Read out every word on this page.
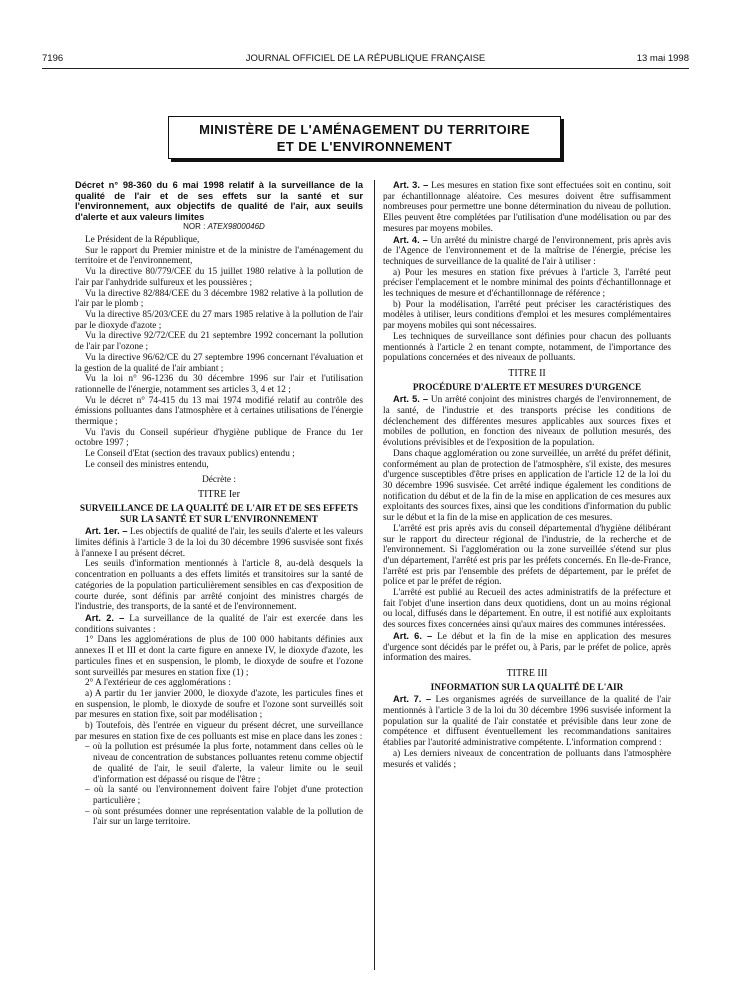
7196	JOURNAL OFFICIEL DE LA RÉPUBLIQUE FRANÇAISE	13 mai 1998
MINISTÈRE DE L'AMÉNAGEMENT DU TERRITOIRE
ET DE L'ENVIRONNEMENT

Décret n° 98-360 du 6 mai 1998 relatif à la surveillance de la qualité de l'air et de ses effets sur la santé et sur l'environnement, aux objectifs de qualité de l'air, aux seuils d'alerte et aux valeurs limites

NOR : ATEX9800046D

Le Président de la République,

Sur le rapport du Premier ministre et de la ministre de l'aménagement du territoire et de l'environnement,

Vu la directive 80/779/CEE du 15 juillet 1980 relative à la pollution de l'air par l'anhydride sulfureux et les poussières ;

Vu la directive 82/884/CEE du 3 décembre 1982 relative à la pollution de l'air par le plomb ;

Vu la directive 85/203/CEE du 27 mars 1985 relative à la pollution de l'air par le dioxyde d'azote ;

Vu la directive 92/72/CEE du 21 septembre 1992 concernant la pollution de l'air par l'ozone ;

Vu la directive 96/62/CE du 27 septembre 1996 concernant l'évaluation et la gestion de la qualité de l'air ambiant ;

Vu la loi n° 96-1236 du 30 décembre 1996 sur l'air et l'utilisation rationnelle de l'énergie, notamment ses articles 3, 4 et 12 ;

Vu le décret n° 74-415 du 13 mai 1974 modifié relatif au contrôle des émissions polluantes dans l'atmosphère et à certaines utilisations de l'énergie thermique ;

Vu l'avis du Conseil supérieur d'hygiène publique de France du 1er octobre 1997 ;

Le Conseil d'Etat (section des travaux publics) entendu ;

Le conseil des ministres entendu,

Décrète :

TITRE Ier

SURVEILLANCE DE LA QUALITÉ DE L'AIR ET DE SES EFFETS SUR LA SANTÉ ET SUR L'ENVIRONNEMENT

Art. 1er. – Les objectifs de qualité de l'air, les seuils d'alerte et les valeurs limites définis à l'article 3 de la loi du 30 décembre 1996 susvisée sont fixés à l'annexe I au présent décret.

Les seuils d'information mentionnés à l'article 8, au-delà desquels la concentration en polluants a des effets limités et transitoires sur la santé de catégories de la population particulièrement sensibles en cas d'exposition de courte durée, sont définis par arrêté conjoint des ministres chargés de l'industrie, des transports, de la santé et de l'environnement.

Art. 2. – La surveillance de la qualité de l'air est exercée dans les conditions suivantes :

1° Dans les agglomérations de plus de 100 000 habitants définies aux annexes II et III et dont la carte figure en annexe IV, le dioxyde d'azote, les particules fines et en suspension, le plomb, le dioxyde de soufre et l'ozone sont surveillés par mesures en station fixe (1) ;

2° A l'extérieur de ces agglomérations :

a) A partir du 1er janvier 2000, le dioxyde d'azote, les particules fines et en suspension, le plomb, le dioxyde de soufre et l'ozone sont surveillés soit par mesures en station fixe, soit par modélisation ;

b) Toutefois, dès l'entrée en vigueur du présent décret, une surveillance par mesures en station fixe de ces polluants est mise en place dans les zones :

– où la pollution est présumée la plus forte, notamment dans celles où le niveau de concentration de substances polluantes retenu comme objectif de qualité de l'air, le seuil d'alerte, la valeur limite ou le seuil d'information est dépassé ou risque de l'être ;

– où la santé ou l'environnement doivent faire l'objet d'une protection particulière ;

– où sont présumées donner une représentation valable de la pollution de l'air sur un large territoire.

Art. 3. – Les mesures en station fixe sont effectuées soit en continu, soit par échantillonnage aléatoire. Ces mesures doivent être suffisamment nombreuses pour permettre une bonne détermination du niveau de pollution. Elles peuvent être complétées par l'utilisation d'une modélisation ou par des mesures par moyens mobiles.

Art. 4. – Un arrêté du ministre chargé de l'environnement, pris après avis de l'Agence de l'environnement et de la maîtrise de l'énergie, précise les techniques de surveillance de la qualité de l'air à utiliser :

a) Pour les mesures en station fixe prévues à l'article 3, l'arrêté peut préciser l'emplacement et le nombre minimal des points d'échantillonnage et les techniques de mesure et d'échantillonnage de référence ;

b) Pour la modélisation, l'arrêté peut préciser les caractéristiques des modèles à utiliser, leurs conditions d'emploi et les mesures complémentaires par moyens mobiles qui sont nécessaires.

Les techniques de surveillance sont définies pour chacun des polluants mentionnés à l'article 2 en tenant compte, notamment, de l'importance des populations concernées et des niveaux de polluants.

TITRE II

PROCÉDURE D'ALERTE ET MESURES D'URGENCE

Art. 5. – Un arrêté conjoint des ministres chargés de l'environnement, de la santé, de l'industrie et des transports précise les conditions de déclenchement des différentes mesures applicables aux sources fixes et mobiles de pollution, en fonction des niveaux de pollution mesurés, des évolutions prévisibles et de l'exposition de la population.

Dans chaque agglomération ou zone surveillée, un arrêté du préfet définit, conformément au plan de protection de l'atmosphère, s'il existe, des mesures d'urgence susceptibles d'être prises en application de l'article 12 de la loi du 30 décembre 1996 susvisée. Cet arrêté indique également les conditions de notification du début et de la fin de la mise en application de ces mesures aux exploitants des sources fixes, ainsi que les conditions d'information du public sur le début et la fin de la mise en application de ces mesures.

L'arrêté est pris après avis du conseil départemental d'hygiène délibérant sur le rapport du directeur régional de l'industrie, de la recherche et de l'environnement. Si l'agglomération ou la zone surveillée s'étend sur plus d'un département, l'arrêté est pris par les préfets concernés. En Ile-de-France, l'arrêté est pris par l'ensemble des préfets de département, par le préfet de police et par le préfet de région.

L'arrêté est publié au Recueil des actes administratifs de la préfecture et fait l'objet d'une insertion dans deux quotidiens, dont un au moins régional ou local, diffusés dans le département. En outre, il est notifié aux exploitants des sources fixes concernées ainsi qu'aux maires des communes intéressées.

Art. 6. – Le début et la fin de la mise en application des mesures d'urgence sont décidés par le préfet ou, à Paris, par le préfet de police, après information des maires.

TITRE III

INFORMATION SUR LA QUALITÉ DE L'AIR

Art. 7. – Les organismes agréés de surveillance de la qualité de l'air mentionnés à l'article 3 de la loi du 30 décembre 1996 susvisée informent la population sur la qualité de l'air constatée et prévisible dans leur zone de compétence et diffusent éventuellement les recommandations sanitaires établies par l'autorité administrative compétente. L'information comprend :

a) Les derniers niveaux de concentration de polluants dans l'atmosphère mesurés et validés ;
